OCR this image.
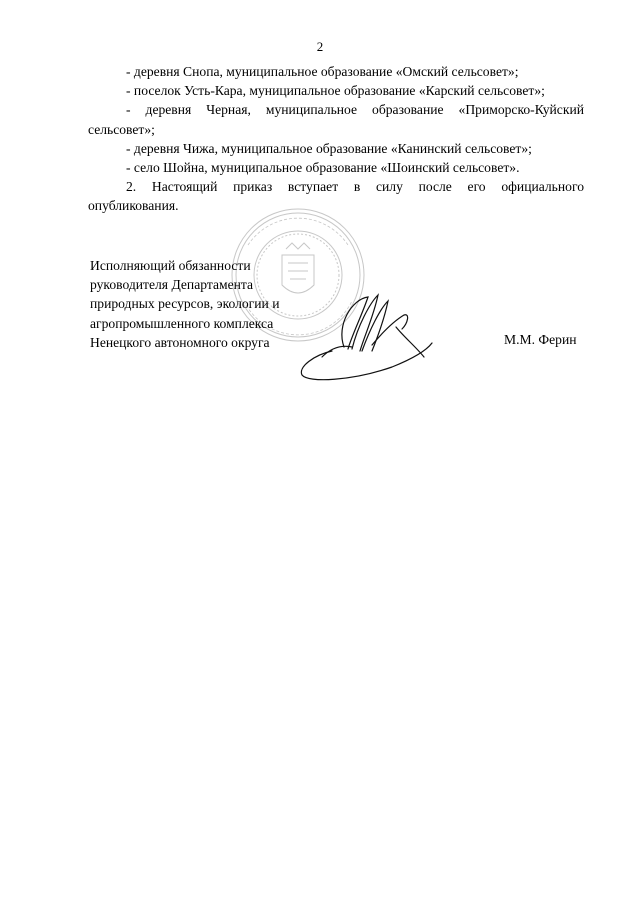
2
- деревня Снопа, муниципальное образование «Омский сельсовет»;
- поселок Усть-Кара, муниципальное образование «Карский сельсовет»;
- деревня Черная, муниципальное образование «Приморско-Куйский
сельсовет»;
- деревня Чижа, муниципальное образование «Канинский сельсовет»;
- село Шойна, муниципальное образование «Шоинский сельсовет».
2. Настоящий приказ вступает в силу после его официального
опубликования.
Исполняющий обязанности
руководителя Департамента
природных ресурсов, экологии и
агропромышленного комплекса
Ненецкого автономного округа	М.М. Ферин
